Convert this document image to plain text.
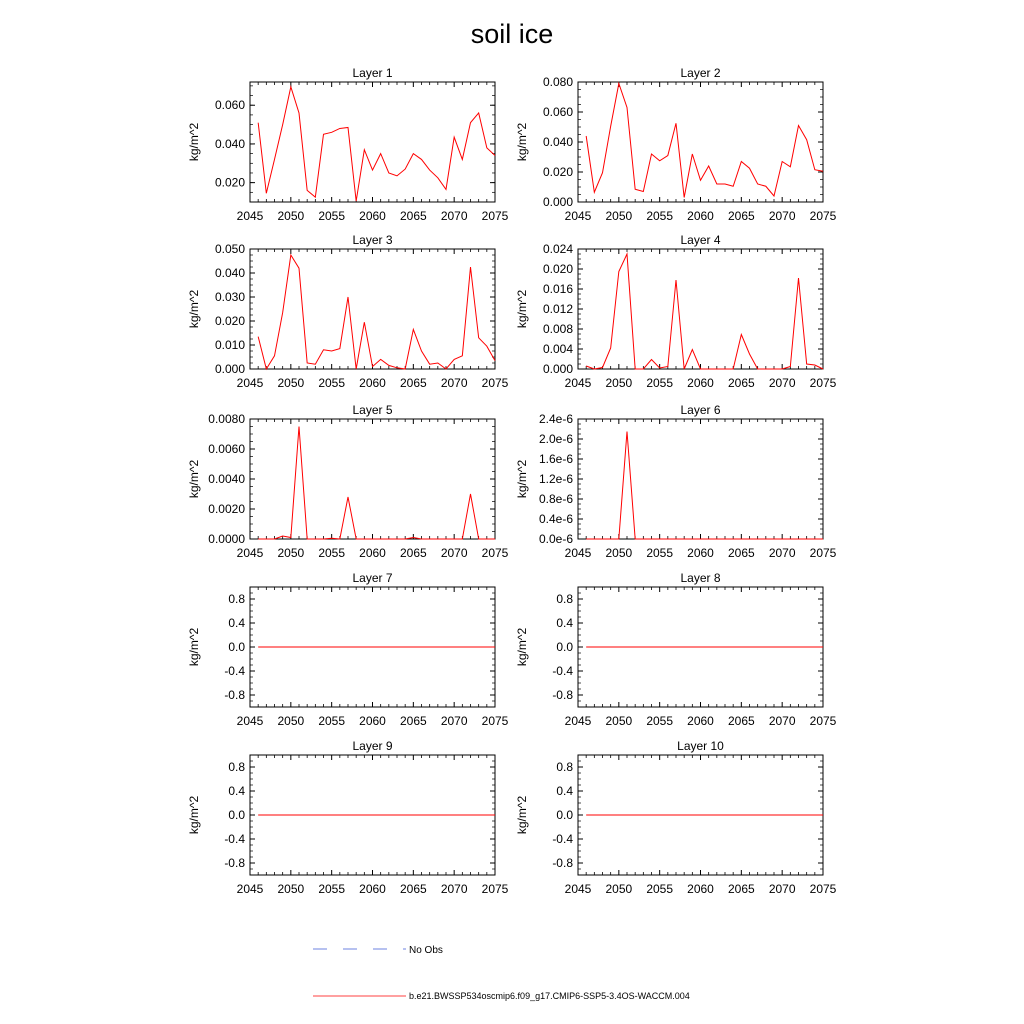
soil ice
Layer 1
kg/m^2
2045 2050 2055 2060 2065 2070 2075
0.020
0.040
0.060
Layer 2
kg/m^2
2045 2050 2055 2060 2065 2070 2075
0.000
0.020
0.040
0.060
0.080
Layer 3
kg/m^2
2045 2050 2055 2060 2065 2070 2075
0.000
0.010
0.020
0.030
0.040
0.050
Layer 4
kg/m^2
2045 2050 2055 2060 2065 2070 2075
0.000
0.004
0.008
0.012
0.016
0.020
0.024
Layer 5
kg/m^2
2045 2050 2055 2060 2065 2070 2075
0.0000
0.0020
0.0040
0.0060
0.0080
Layer 6
kg/m^2
2045 2050 2055 2060 2065 2070 2075
0.0e-6
0.4e-6
0.8e-6
1.2e-6
1.6e-6
2.0e-6
2.4e-6
Layer 7
kg/m^2
2045 2050 2055 2060 2065 2070 2075
-0.8
-0.4
0.0
0.4
0.8
Layer 8
kg/m^2
2045 2050 2055 2060 2065 2070 2075
-0.8
-0.4
0.0
0.4
0.8
Layer 9
kg/m^2
2045 2050 2055 2060 2065 2070 2075
-0.8
-0.4
0.0
0.4
0.8
Layer 10
kg/m^2
2045 2050 2055 2060 2065 2070 2075
-0.8
-0.4
0.0
0.4
0.8
No Obs
b.e21.BWSSP534oscmip6.f09_g17.CMIP6-SSP5-3.4OS-WACCM.004
